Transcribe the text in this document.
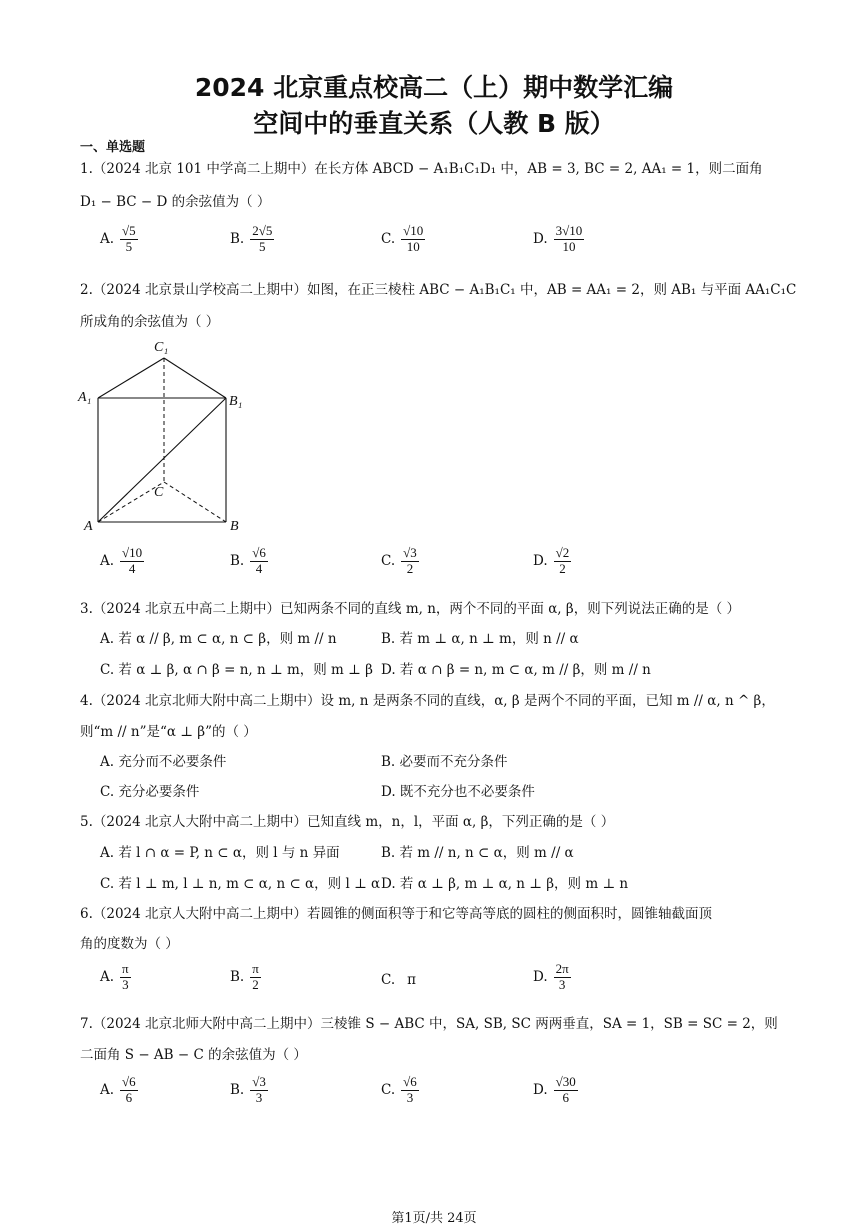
2024 北京重点校高二（上）期中数学汇编
空间中的垂直关系（人教 B 版）
一、单选题
1.（2024 北京 101 中学高二上期中）在长方体 ABCD − A₁B₁C₁D₁ 中，AB = 3, BC = 2, AA₁ = 1，则二面角
D₁ − BC − D 的余弦值为（ ）
A. $\frac{√5}{5}$	B. $\frac{2√5}{5}$	C. $\frac{√10}{10}$	D. $\frac{3√10}{10}$
2.（2024 北京景山学校高二上期中）如图，在正三棱柱 ABC − A₁B₁C₁ 中，AB = AA₁ = 2，则 AB₁ 与平面 AA₁C₁C
所成角的余弦值为（ ）
C₁
A₁	B₁
C
A	B
A. $\frac{√10}{4}$	B. $\frac{√6}{4}$	C. $\frac{√3}{2}$	D. $\frac{√2}{2}$
3.（2024 北京五中高二上期中）已知两条不同的直线 m, n，两个不同的平面 α, β，则下列说法正确的是（ ）
A. 若 α // β, m ⊂ α, n ⊂ β，则 m // n	B. 若 m ⊥ α, n ⊥ m，则 n // α
C. 若 α ⊥ β, α ∩ β = n, n ⊥ m，则 m ⊥ β D. 若 α ∩ β = n, m ⊂ α, m // β，则 m // n
4.（2024 北京北师大附中高二上期中）设 m, n 是两条不同的直线，α, β 是两个不同的平面，已知 m // α, n ^ β，
则“m // n”是“α ⊥ β”的（ ）
A. 充分而不必要条件	B. 必要而不充分条件
C. 充分必要条件	D. 既不充分也不必要条件
5.（2024 北京人大附中高二上期中）已知直线 m，n，l，平面 α, β，下列正确的是（ ）
A. 若 l ∩ α = P, n ⊂ α，则 l 与 n 异面	B. 若 m // n, n ⊂ α，则 m // α
C. 若 l ⊥ m, l ⊥ n, m ⊂ α, n ⊂ α，则 l ⊥ α D. 若 α ⊥ β, m ⊥ α, n ⊥ β，则 m ⊥ n
6.（2024 北京人大附中高二上期中）若圆锥的侧面积等于和它等高等底的圆柱的侧面积时，圆锥轴截面顶
角的度数为（ ）
A. $\frac{\pi}{3}$	B. $\frac{\pi}{2}$	C. π	D. $\frac{2\pi}{3}$
7.（2024 北京北师大附中高二上期中）三棱锥 S − ABC 中，SA, SB, SC 两两垂直，SA = 1，SB = SC = 2，则
二面角 S − AB − C 的余弦值为（ ）
A. $\frac{√6}{6}$	B. $\frac{√3}{3}$	C. $\frac{√6}{3}$	D. $\frac{√30}{6}$
第1页/共 24页
